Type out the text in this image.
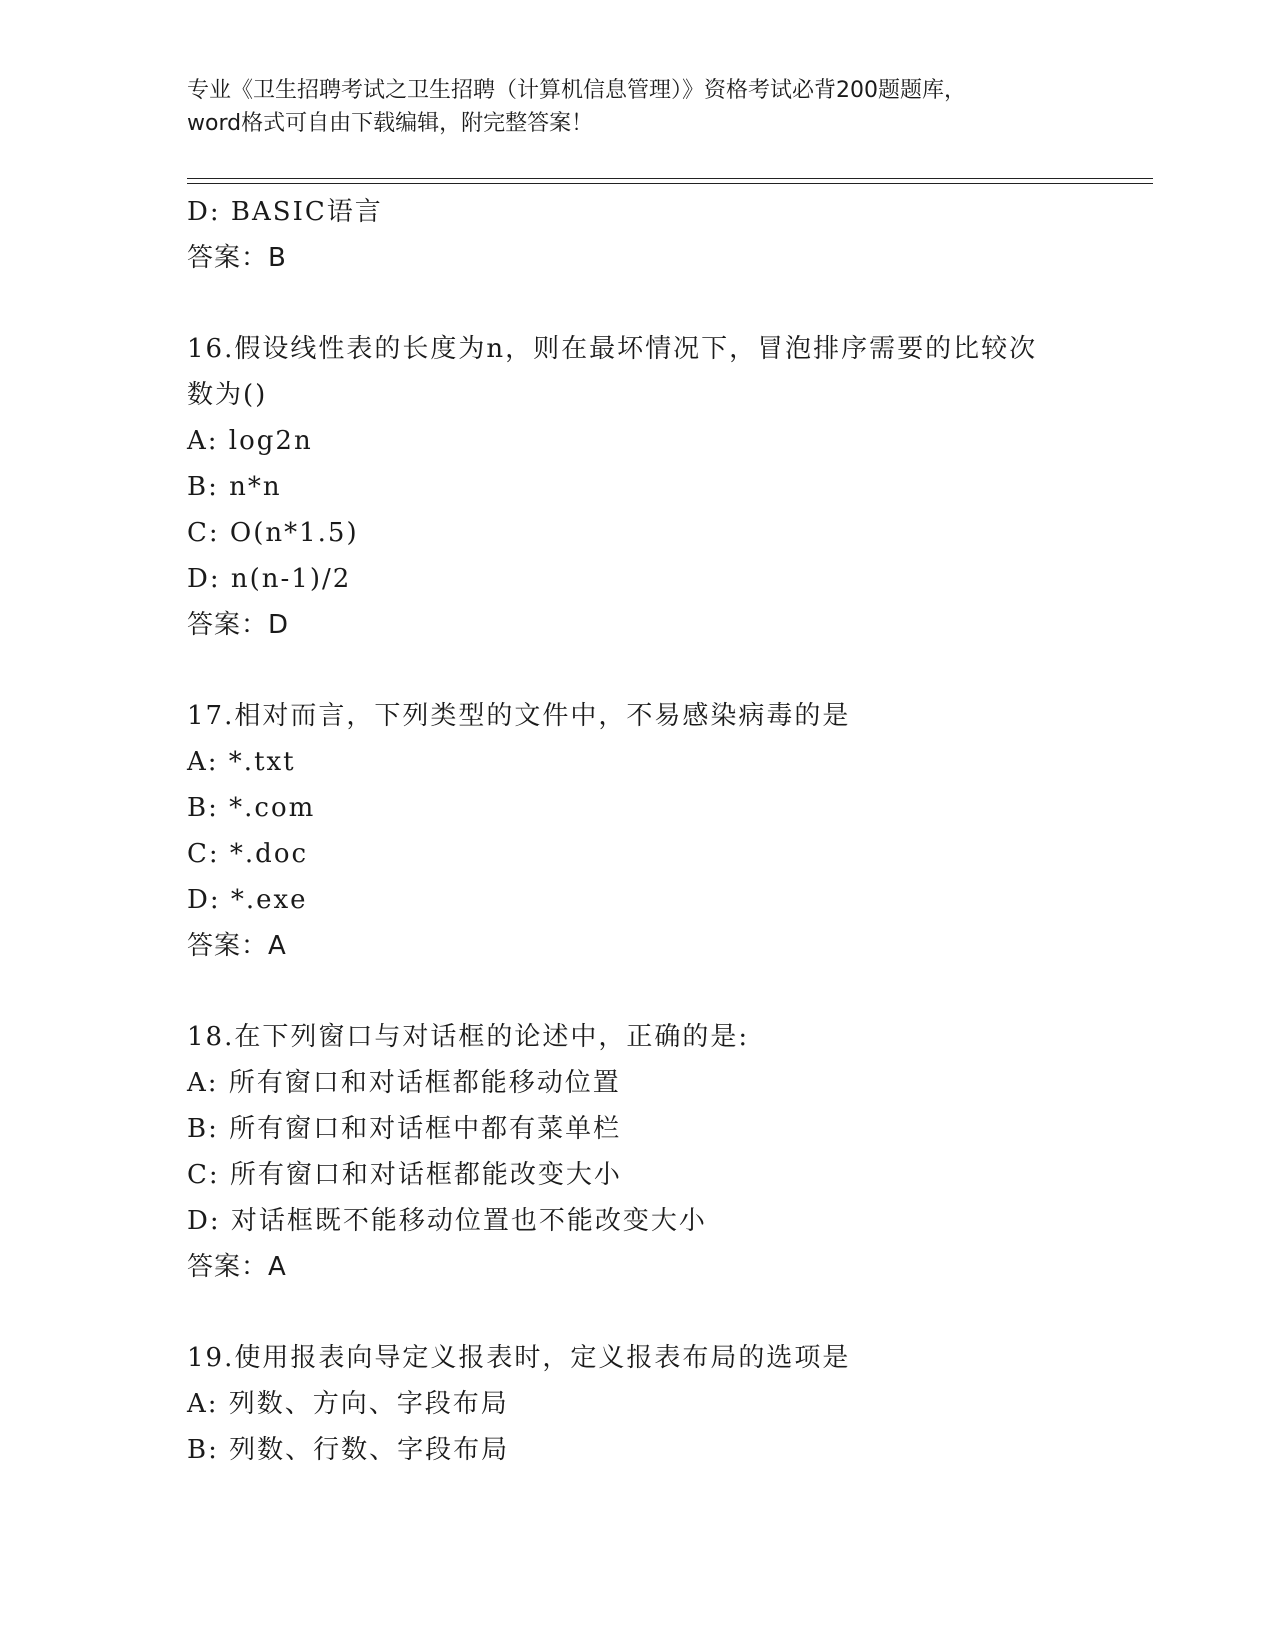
专业《卫生招聘考试之卫生招聘（计算机信息管理）》资格考试必背200题题库，
word格式可自由下载编辑，附完整答案！
D: BASIC语言
答案：B
16.假设线性表的长度为n，则在最坏情况下，冒泡排序需要的比较次
数为()
A: log2n
B: n*n
C: O(n*1.5)
D: n(n-1)/2
答案：D
17.相对而言，下列类型的文件中，不易感染病毒的是
A: *.txt
B: *.com
C: *.doc
D: *.exe
答案：A
18.在下列窗口与对话框的论述中，正确的是:
A: 所有窗口和对话框都能移动位置
B: 所有窗口和对话框中都有菜单栏
C: 所有窗口和对话框都能改变大小
D: 对话框既不能移动位置也不能改变大小
答案：A
19.使用报表向导定义报表时，定义报表布局的选项是
A: 列数、方向、字段布局
B: 列数、行数、字段布局
